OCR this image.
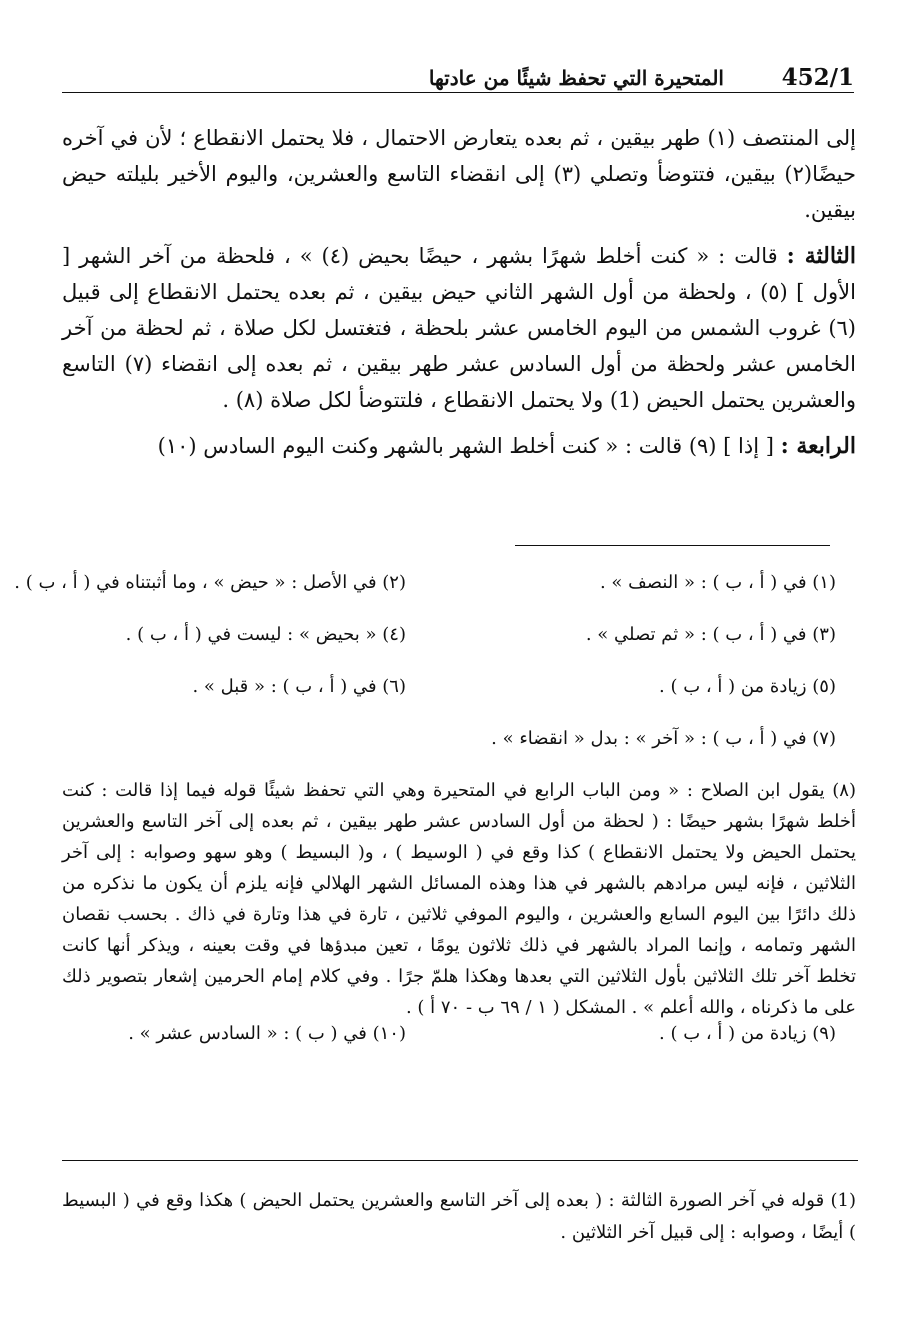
452/1
المتحيرة التي تحفظ شيئًا من عادتها

إلى المنتصف (١) طهر بيقين ، ثم بعده يتعارض الاحتمال ، فلا يحتمل الانقطاع ؛ لأن في آخره حيضًا(٢) بيقين، فتتوضأ وتصلي (٣) إلى انقضاء التاسع والعشرين، واليوم الأخير بليلته حيض بيقين.

الثالثة : قالت : « كنت أخلط شهرًا بشهر ، حيضًا بحيض (٤) » ، فلحظة من آخر الشهر [ الأول ] (٥) ، ولحظة من أول الشهر الثاني حيض بيقين ، ثم بعده يحتمل الانقطاع إلى قبيل (٦) غروب الشمس من اليوم الخامس عشر بلحظة ، فتغتسل لكل صلاة ، ثم لحظة من آخر الخامس عشر ولحظة من أول السادس عشر طهر بيقين ، ثم بعده إلى انقضاء (٧) التاسع والعشرين يحتمل الحيض (1) ولا يحتمل الانقطاع ، فلتتوضأ لكل صلاة (٨) .

الرابعة : [ إذا ] (٩) قالت : « كنت أخلط الشهر بالشهر وكنت اليوم السادس (١٠)

(١) في ( أ ، ب ) : « النصف » .
(٢) في الأصل : « حيض » ، وما أثبتناه في ( أ ، ب ) .
(٣) في ( أ ، ب ) : « ثم تصلي » .
(٤) « بحيض » : ليست في ( أ ، ب ) .
(٥) زيادة من ( أ ، ب ) .
(٦) في ( أ ، ب ) : « قبل » .
(٧) في ( أ ، ب ) : « آخر » : بدل « انقضاء » .
(٨) يقول ابن الصلاح : « ومن الباب الرابع في المتحيرة وهي التي تحفظ شيئًا قوله فيما إذا قالت : كنت أخلط شهرًا بشهر حيضًا : ( لحظة من أول السادس عشر طهر بيقين ، ثم بعده إلى آخر التاسع والعشرين يحتمل الحيض ولا يحتمل الانقطاع ) كذا وقع في ( الوسيط ) ، و( البسيط ) وهو سهو وصوابه : إلى آخر الثلاثين ، فإنه ليس مرادهم بالشهر في هذا وهذه المسائل الشهر الهلالي فإنه يلزم أن يكون ما نذكره من ذلك دائرًا بين اليوم السابع والعشرين ، واليوم الموفي ثلاثين ، تارة في هذا وتارة في ذاك . بحسب نقصان الشهر وتمامه ، وإنما المراد بالشهر في ذلك ثلاثون يومًا ، تعين مبدؤها في وقت بعينه ، ويذكر أنها كانت تخلط آخر تلك الثلاثين بأول الثلاثين التي بعدها وهكذا هلمّ جرًا . وفي كلام إمام الحرمين إشعار بتصوير ذلك على ما ذكرناه ، والله أعلم » . المشكل ( ١ / ٦٩ ب - ٧٠ أ ) .
(٩) زيادة من ( أ ، ب ) .
(١٠) في ( ب ) : « السادس عشر » .
(1) قوله في آخر الصورة الثالثة : ( بعده إلى آخر التاسع والعشرين يحتمل الحيض ) هكذا وقع في ( البسيط ) أيضًا ، وصوابه : إلى قبيل آخر الثلاثين .
